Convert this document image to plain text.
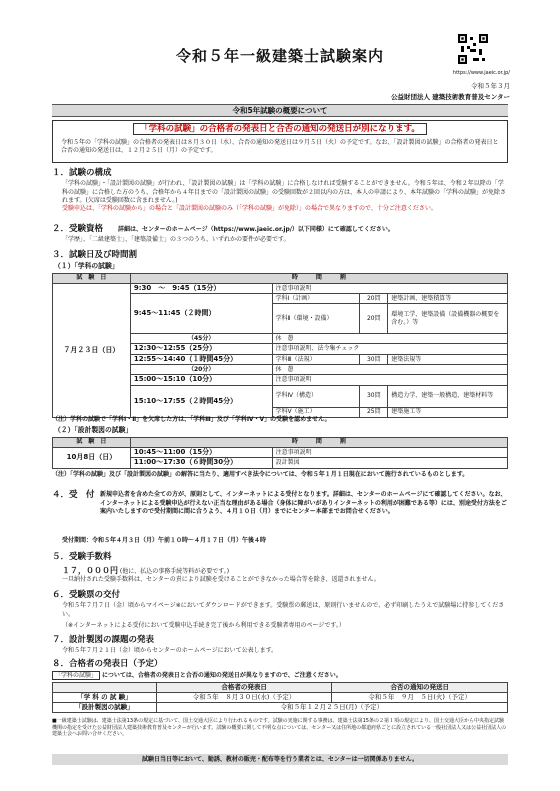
令和５年一級建築士試験案内
https://www.jaeic.or.jp/
令和５年３月
公益財団法人 建築技術教育普及センター
令和5年試験の概要について
「学科の試験」の合格者の発表日と合否の通知の発送日が別になります。
令和５年の「学科の試験」の合格者の発表日は８月３０日（水）、合否の通知の発送日は９月５日（火）の予定です。なお、「設計製図の試験」の合格者の発表日と合否の通知の発送日は、１２月２５日（月）の予定です。
１．試験の構成
「学科の試験」・「設計製図の試験」が行われ、「設計製図の試験」は「学科の試験」に合格しなければ受験することができません。令和５年は、令和２年以降の「学科の試験」に合格した方のうち、合格年から４年目までの「設計製図の試験」の受験回数が２回以内の方は、本人の申請により、本年試験の「学科の試験」が免除されます。(欠席は受験回数に含まれません。)
受験申込は、「学科の試験から」の場合と「設計製図の試験のみ（「学科の試験」が免除）」の場合で異なりますので、十分ご注意ください。
２．受験資格 詳細は、センターのホームページ（https://www.jaeic.or.jp/）以下同様）にて確認してください。
「学歴」、「二級建築士」、「建築設備士」の３つのうち、いずれかの要件が必要です。
３．試験日及び時間割
（１）「学科の試験」
試　験　日	時　　　間　　　割			
７月２３日（日）	9:30　～　9:45（15分）	注意事項説明		
	9:45～11:45（２時間）	学科Ⅰ（計画）	20問	建築計画、建築積算等
		学科Ⅱ（環境・設備）	20問	環境工学、建築設備（設備機器の概要を含む。）等
	（45分）	休　憩		
	12:30～12:55（25分）	注意事項説明、法令集チェック		
	12:55～14:40（１時間45分）	学科Ⅲ（法規）	30問	建築法規等
	（20分）	休　憩		
	15:00～15:10（10分）	注意事項説明		
	15:10～17:55（２時間45分）	学科Ⅳ（構造）	30問	構造力学、建築一般構造、建築材料等
		学科Ⅴ（施工）	25問	建築施工等
（注）学科の試験で「学科Ⅰ・Ⅱ」を欠席した方は、「学科Ⅲ」及び「学科Ⅳ・Ⅴ」の受験を認めません。
（２）「設計製図の試験」
試　験　日	時　　　間　　　割	
10月8日（日）	10:45～11:00（15分）	注意事項説明
	11:00～17:30（６時間30分）	設計製図
（注）「学科の試験」及び「設計製図の試験」の解答に当たり、適用すべき法令については、令和５年１月１日現在において施行されているものとします。
４．受　付 新規申込者を含めた全ての方が、原則として、インターネットによる受付となります。詳細は、センターのホームページにて確認してください。なお、インターネットによる受験申込が行えない正当な理由がある場合（身体に障がいがありインターネットの利用が困難である等）には、別途受付方法をご案内いたしますので受付期間に間に合うよう、４月１０日（月）までにセンター本部までお問合せください。
受付期間：令和５年４月３日（月）午前１０時～４月１７日（月）午後４時
５．受験手数料
１７，０００円 (他に、払込の事務手続等料が必要です。)
一旦納付された受験手数料は、センターの責により試験を受けることができなかった場合等を除き、返還されません。
６．受験票の交付
令和５年７月７日（金）頃からマイページ※においてダウンロードができます。受験票の郵送は、原則行いませんので、必ず印刷したうえで試験場に持参してください。
（※インターネットによる受付において受験申込手続き完了後から利用できる受験者専用のページです。）
７．設計製図の課題の発表
令和５年７月２１日（金）頃からセンターのホームページにおいて公表します。
８．合格者の発表日（予定）
「学科の試験」 については、合格者の発表日と合否の通知の発送日が異なりますので、ご注意ください。
	合格者の発表日	合否の通知の発送日
「学 科 の 試 験」	令和５年　８月３０日(水)（予定）	令和５年　９月　５日(火)（予定）
「設計製図の試験」	令和５年１２月２５日(月)（予定）	
■一級建築士試験は、建築士法第13条の規定に基づいて、国土交通大臣により行われるものです。試験の実施に関する事務は、建築士法第15条の２第１項の規定により、国土交通大臣から中央指定試験機関の指定を受けた公益財団法人建築技術教育普及センターが行います。試験の概要に関して不明な点については、センター又は住所地の都道府県ごとに設立されている一般社団法人又は公益社団法人の建築士会へお問い合せください。
試験日当日等において、勧誘、教材の販売・配布等を行う業者とは、センターは一切関係ありません。
